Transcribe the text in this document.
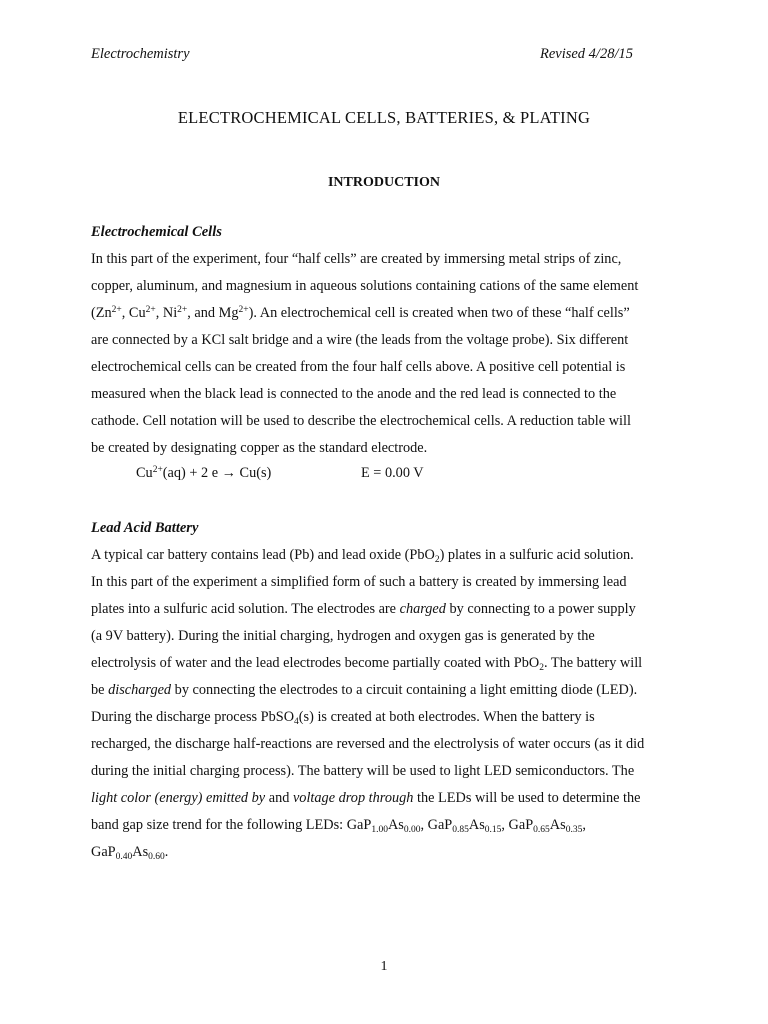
Electrochemistry	Revised 4/28/15
ELECTROCHEMICAL CELLS, BATTERIES, & PLATING
INTRODUCTION
Electrochemical Cells
In this part of the experiment, four “half cells” are created by immersing metal strips of zinc,
copper, aluminum, and magnesium in aqueous solutions containing cations of the same element
($Zn^{2+}$, $Cu^{2+}$, $Ni^{2+}$, and $Mg^{2+}$). An electrochemical cell is created when two of these “half cells”
are connected by a KCl salt bridge and a wire (the leads from the voltage probe). Six different
electrochemical cells can be created from the four half cells above. A positive cell potential is
measured when the black lead is connected to the anode and the red lead is connected to the
cathode. Cell notation will be used to describe the electrochemical cells. A reduction table will
be created by designating copper as the standard electrode.
$Cu^{2+}(aq) + 2$ e → Cu(s)	E = 0.00 V
Lead Acid Battery
A typical car battery contains lead (Pb) and lead oxide (PbO$_2$) plates in a sulfuric acid solution.
In this part of the experiment a simplified form of such a battery is created by immersing lead
plates into a sulfuric acid solution. The electrodes are charged by connecting to a power supply
(a 9V battery). During the initial charging, hydrogen and oxygen gas is generated by the
electrolysis of water and the lead electrodes become partially coated with PbO$_2$. The battery will
be discharged by connecting the electrodes to a circuit containing a light emitting diode (LED).
During the discharge process PbSO$_4$(s) is created at both electrodes. When the battery is
recharged, the discharge half-reactions are reversed and the electrolysis of water occurs (as it did
during the initial charging process). The battery will be used to light LED semiconductors. The
light color (energy) emitted by and voltage drop through the LEDs will be used to determine the
band gap size trend for the following LEDs: $GaP_{1.00}As_{0.00}$, $GaP_{0.85}As_{0.15}$, $GaP_{0.65}As_{0.35}$,
$GaP_{0.40}As_{0.60}$.
1
